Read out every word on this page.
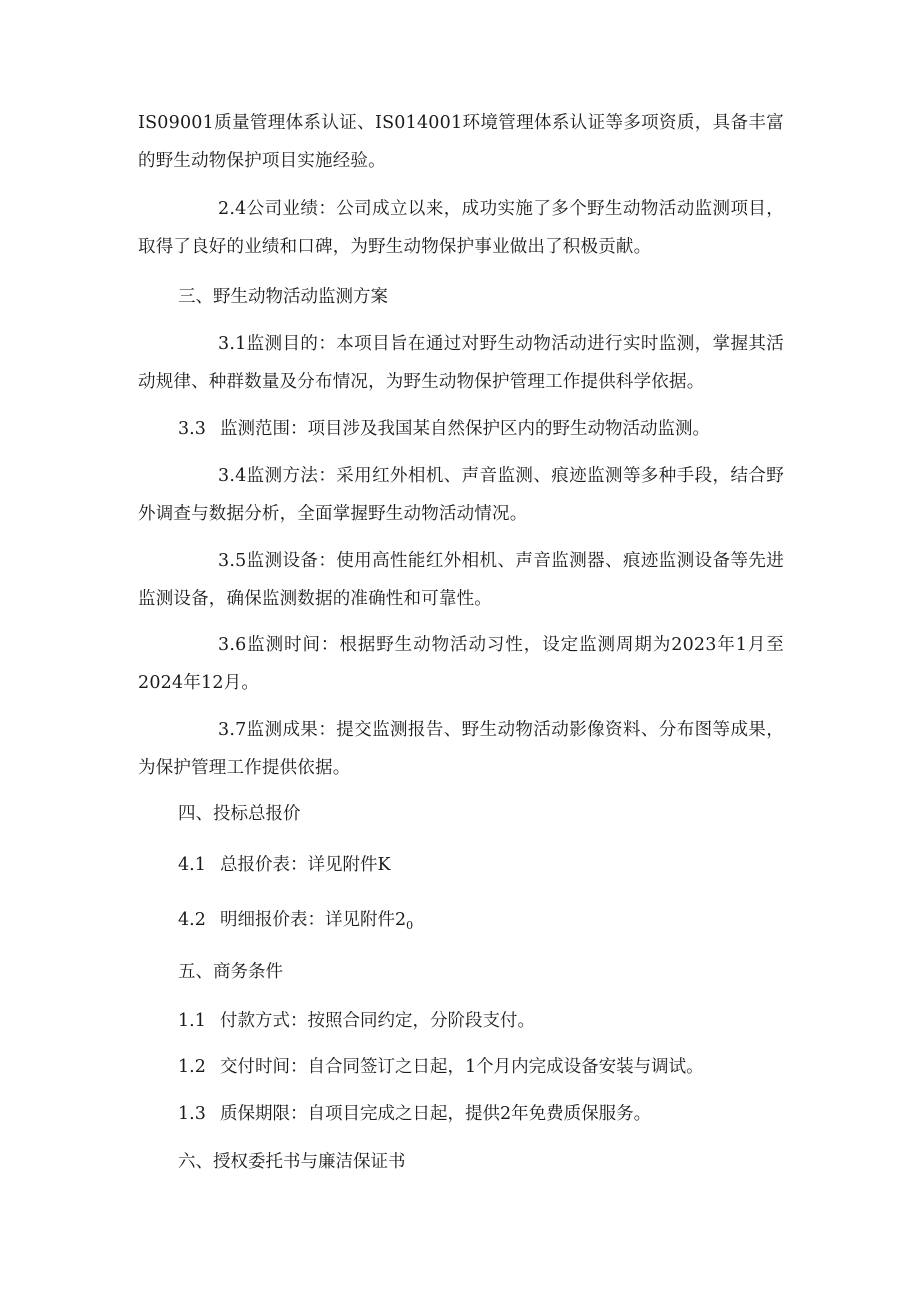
IS09001质量管理体系认证、IS014001环境管理体系认证等多项资质，具备丰富的野生动物保护项目实施经验。

2.4公司业绩：公司成立以来，成功实施了多个野生动物活动监测项目，取得了良好的业绩和口碑，为野生动物保护事业做出了积极贡献。

三、野生动物活动监测方案

3.1监测目的：本项目旨在通过对野生动物活动进行实时监测，掌握其活动规律、种群数量及分布情况，为野生动物保护管理工作提供科学依据。

3.3 监测范围：项目涉及我国某自然保护区内的野生动物活动监测。

3.4监测方法：采用红外相机、声音监测、痕迹监测等多种手段，结合野外调查与数据分析，全面掌握野生动物活动情况。

3.5监测设备：使用高性能红外相机、声音监测器、痕迹监测设备等先进监测设备，确保监测数据的准确性和可靠性。

3.6监测时间：根据野生动物活动习性，设定监测周期为2023年1月至2024年12月。

3.7监测成果：提交监测报告、野生动物活动影像资料、分布图等成果，为保护管理工作提供依据。

四、投标总报价

4.1 总报价表：详见附件K

4.2 明细报价表：详见附件$2_0$

五、商务条件

1.1 付款方式：按照合同约定，分阶段支付。

1.2 交付时间：自合同签订之日起，1个月内完成设备安装与调试。

1.3 质保期限：自项目完成之日起，提供2年免费质保服务。

六、授权委托书与廉洁保证书
